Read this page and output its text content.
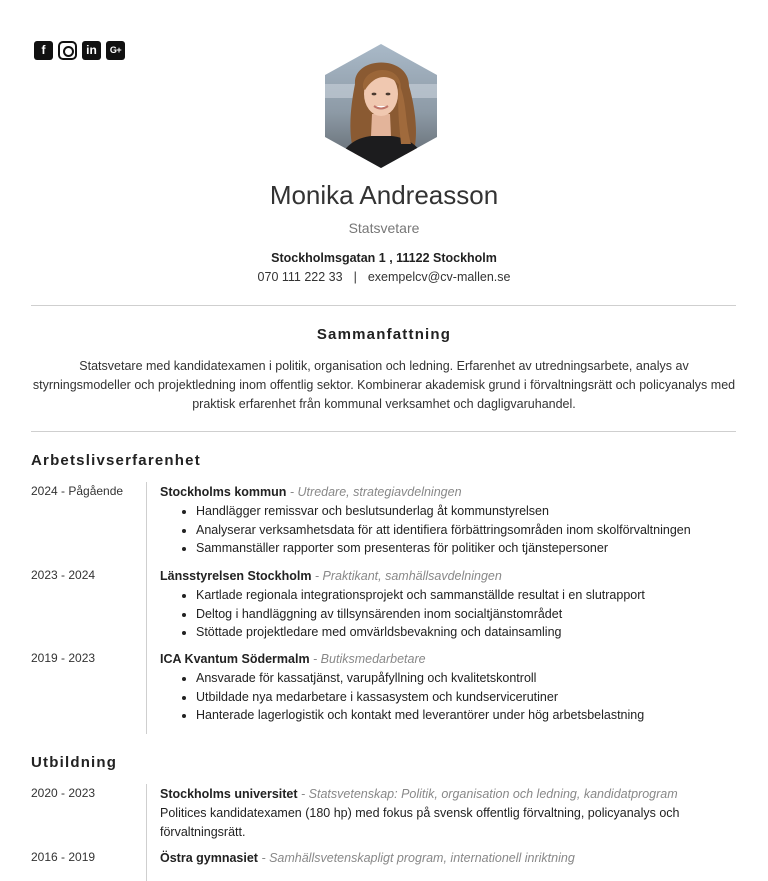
f	in	G+
Monika Andreasson
Statsvetare
Stockholmsgatan 1 , 11122 Stockholm
070 111 222 33 | exempelcv@cv-mallen.se
Sammanfattning
Statsvetare med kandidatexamen i politik, organisation och ledning. Erfarenhet av utredningsarbete, analys av styrningsmodeller och projektledning inom offentlig sektor. Kombinerar akademisk grund i förvaltningsrätt och policyanalys med praktisk erfarenhet från kommunal verksamhet och dagligvaruhandel.
Arbetslivserfarenhet
2024 - Pågående	Stockholms kommun - Utredare, strategiavdelningen
• Handlägger remissvar och beslutsunderlag åt kommunstyrelsen
• Analyserar verksamhetsdata för att identifiera förbättringsområden inom skolförvaltningen
• Sammanställer rapporter som presenteras för politiker och tjänstepersoner
2023 - 2024	Länsstyrelsen Stockholm - Praktikant, samhällsavdelningen
• Kartlade regionala integrationsprojekt och sammanställde resultat i en slutrapport
• Deltog i handläggning av tillsynsärenden inom socialtjänstområdet
• Stöttade projektledare med omvärldsbevakning och datainsamling
2019 - 2023	ICA Kvantum Södermalm - Butiksmedarbetare
• Ansvarade för kassatjänst, varupåfyllning och kvalitetskontroll
• Utbildade nya medarbetare i kassasystem och kundservicerutiner
• Hanterade lagerlogistik och kontakt med leverantörer under hög arbetsbelastning
Utbildning
2020 - 2023	Stockholms universitet - Statsvetenskap: Politik, organisation och ledning, kandidatprogram
Politices kandidatexamen (180 hp) med fokus på svensk offentlig förvaltning, policyanalys och förvaltningsrätt.
2016 - 2019	Östra gymnasiet - Samhällsvetenskapligt program, internationell inriktning
